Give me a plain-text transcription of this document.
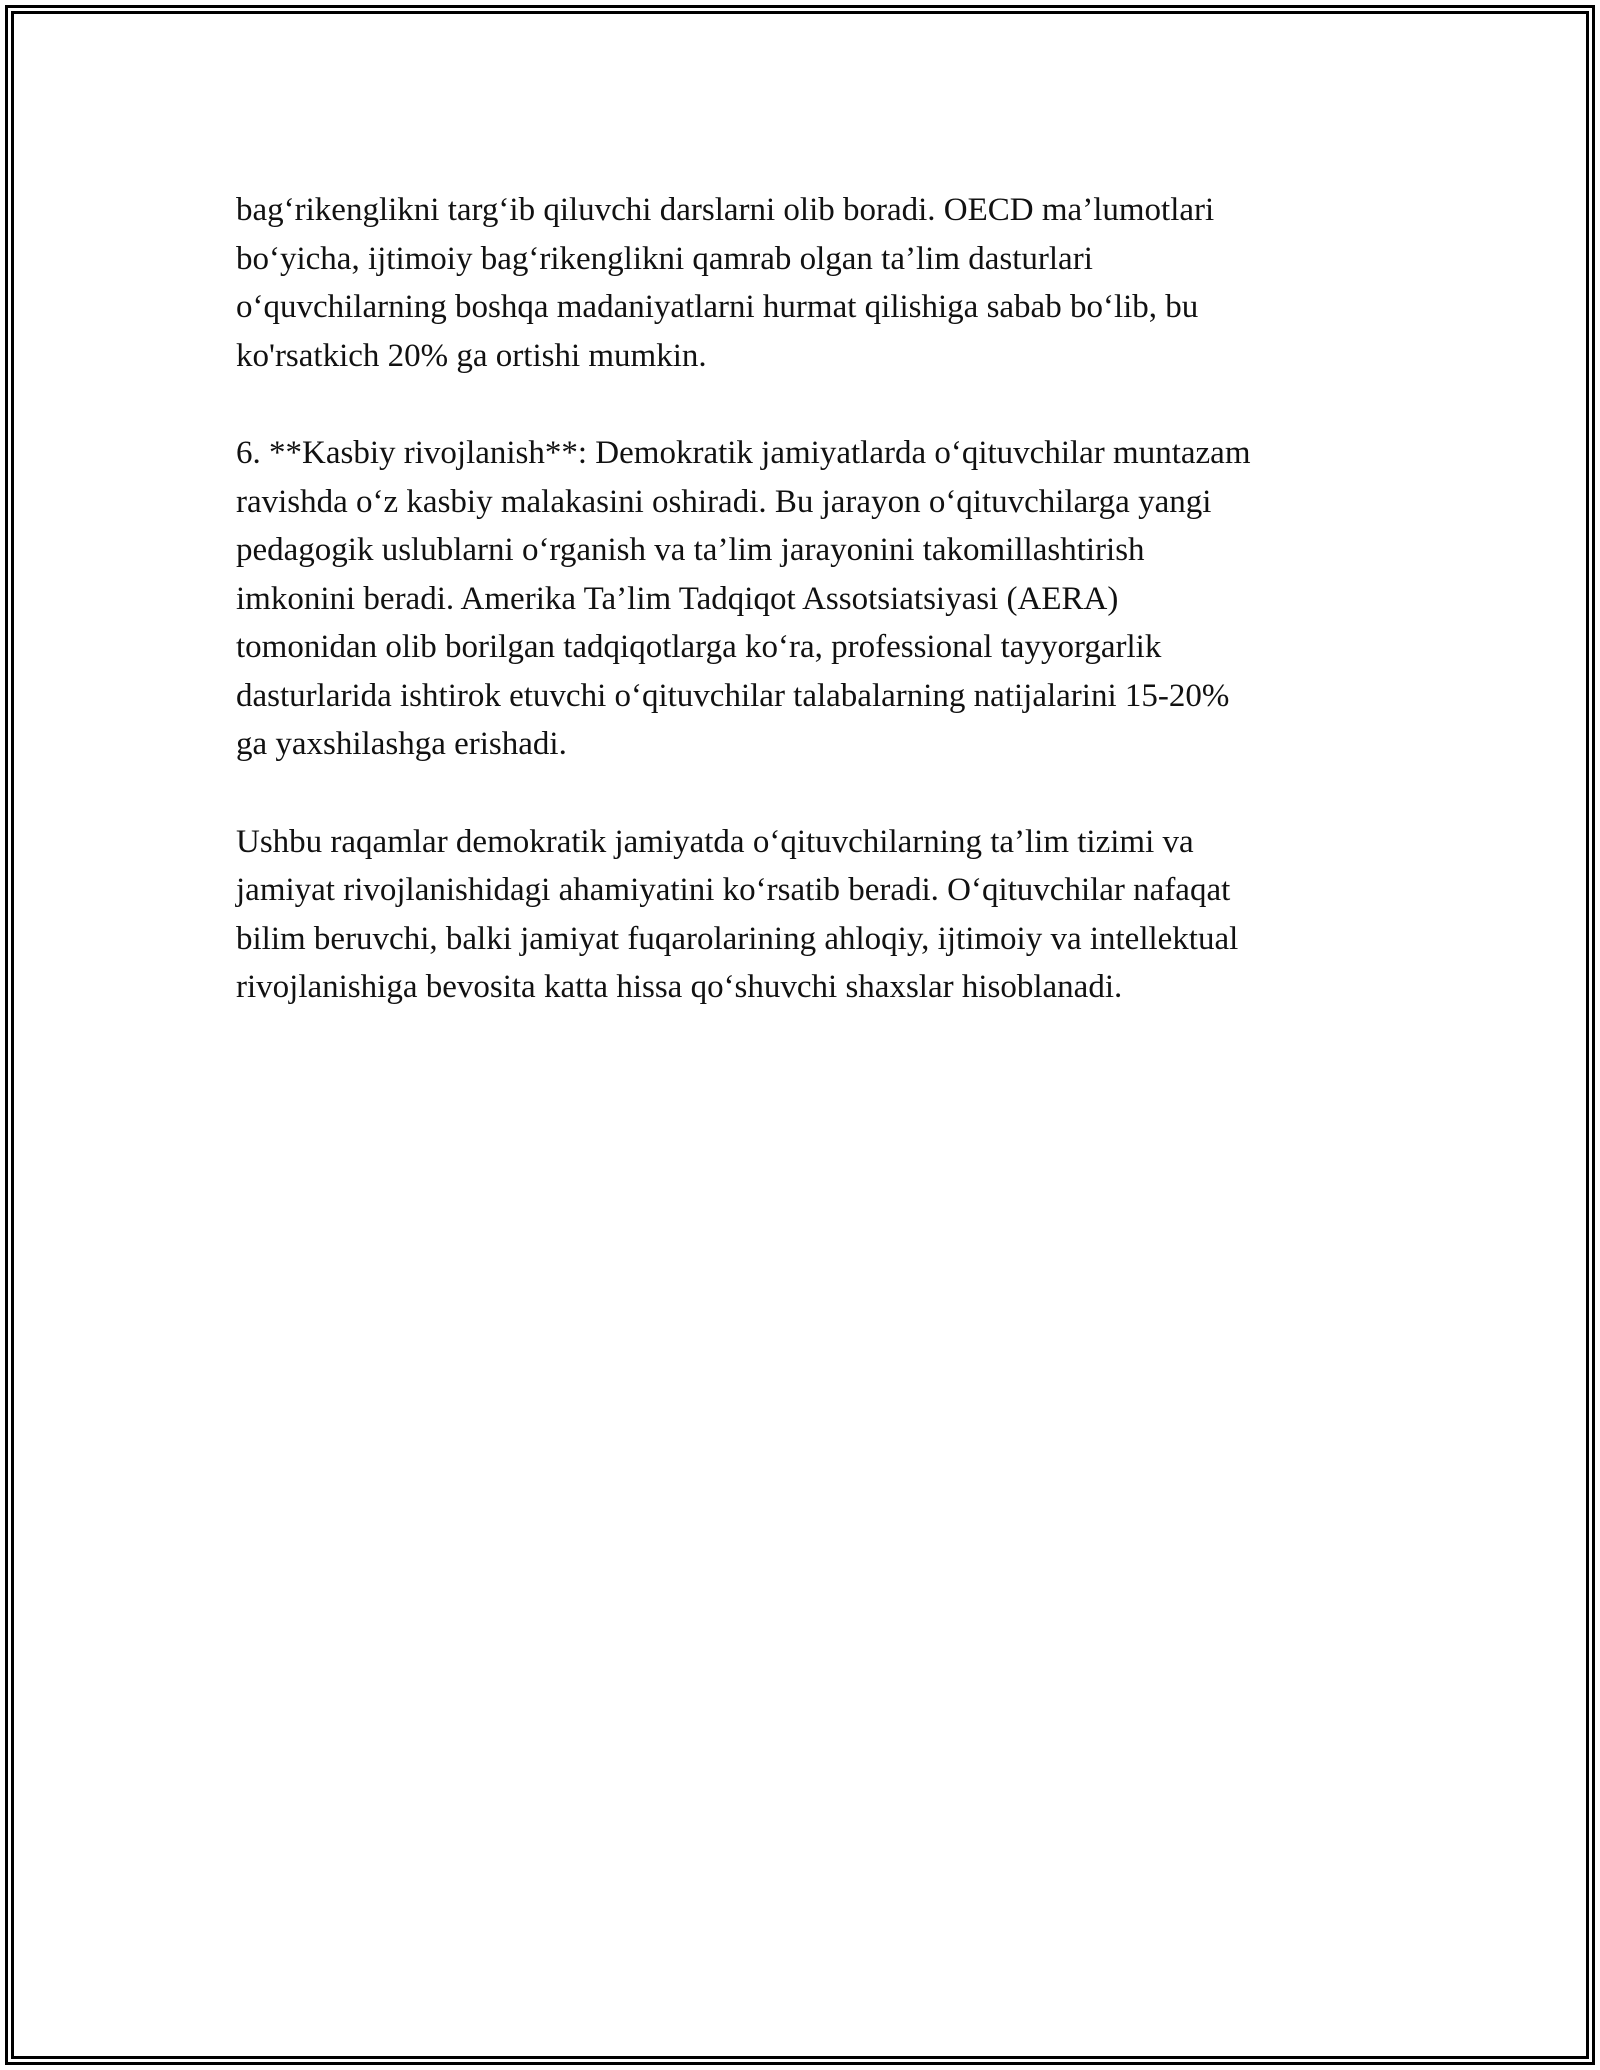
bag‘rikenglikni targ‘ib qiluvchi darslarni olib boradi. OECD ma’lumotlari
bo‘yicha, ijtimoiy bag‘rikenglikni qamrab olgan ta’lim dasturlari
o‘quvchilarning boshqa madaniyatlarni hurmat qilishiga sabab bo‘lib, bu
ko'rsatkich 20% ga ortishi mumkin.

6. **Kasbiy rivojlanish**: Demokratik jamiyatlarda o‘qituvchilar muntazam
ravishda o‘z kasbiy malakasini oshiradi. Bu jarayon o‘qituvchilarga yangi
pedagogik uslublarni o‘rganish va ta’lim jarayonini takomillashtirish
imkonini beradi. Amerika Ta’lim Tadqiqot Assotsiatsiyasi (AERA)
tomonidan olib borilgan tadqiqotlarga ko‘ra, professional tayyorgarlik
dasturlarida ishtirok etuvchi o‘qituvchilar talabalarning natijalarini 15-20%
ga yaxshilashga erishadi.

Ushbu raqamlar demokratik jamiyatda o‘qituvchilarning ta’lim tizimi va
jamiyat rivojlanishidagi ahamiyatini ko‘rsatib beradi. O‘qituvchilar nafaqat
bilim beruvchi, balki jamiyat fuqarolarining ahloqiy, ijtimoiy va intellektual
rivojlanishiga bevosita katta hissa qo‘shuvchi shaxslar hisoblanadi.
